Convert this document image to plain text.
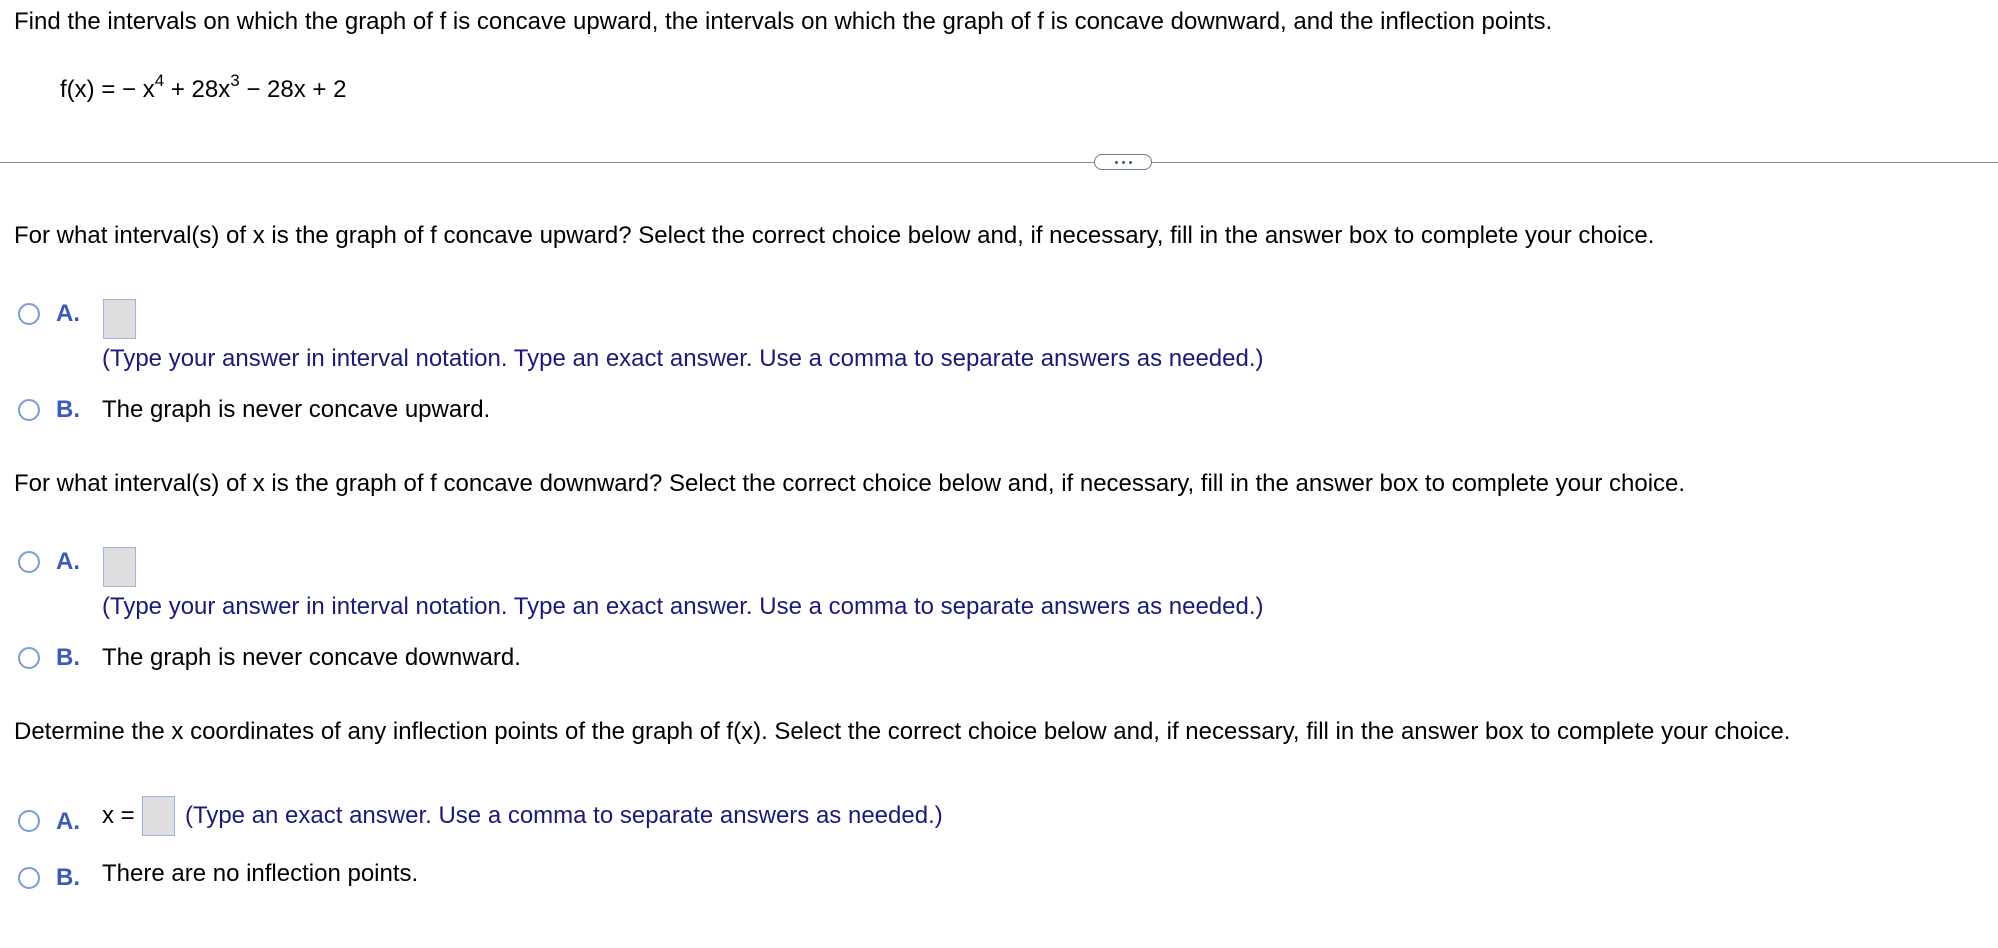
Find the intervals on which the graph of f is concave upward, the intervals on which the graph of f is concave downward, and the inflection points.
f(x) = − $x^4 + 28x^3 - 28x + 2$
For what interval(s) of x is the graph of f concave upward? Select the correct choice below and, if necessary, fill in the answer box to complete your choice.
A.
(Type your answer in interval notation. Type an exact answer. Use a comma to separate answers as needed.)
B. The graph is never concave upward.
For what interval(s) of x is the graph of f concave downward? Select the correct choice below and, if necessary, fill in the answer box to complete your choice.
A.
(Type your answer in interval notation. Type an exact answer. Use a comma to separate answers as needed.)
B. The graph is never concave downward.
Determine the x coordinates of any inflection points of the graph of f(x). Select the correct choice below and, if necessary, fill in the answer box to complete your choice.
A. x = (Type an exact answer. Use a comma to separate answers as needed.)
B. There are no inflection points.
